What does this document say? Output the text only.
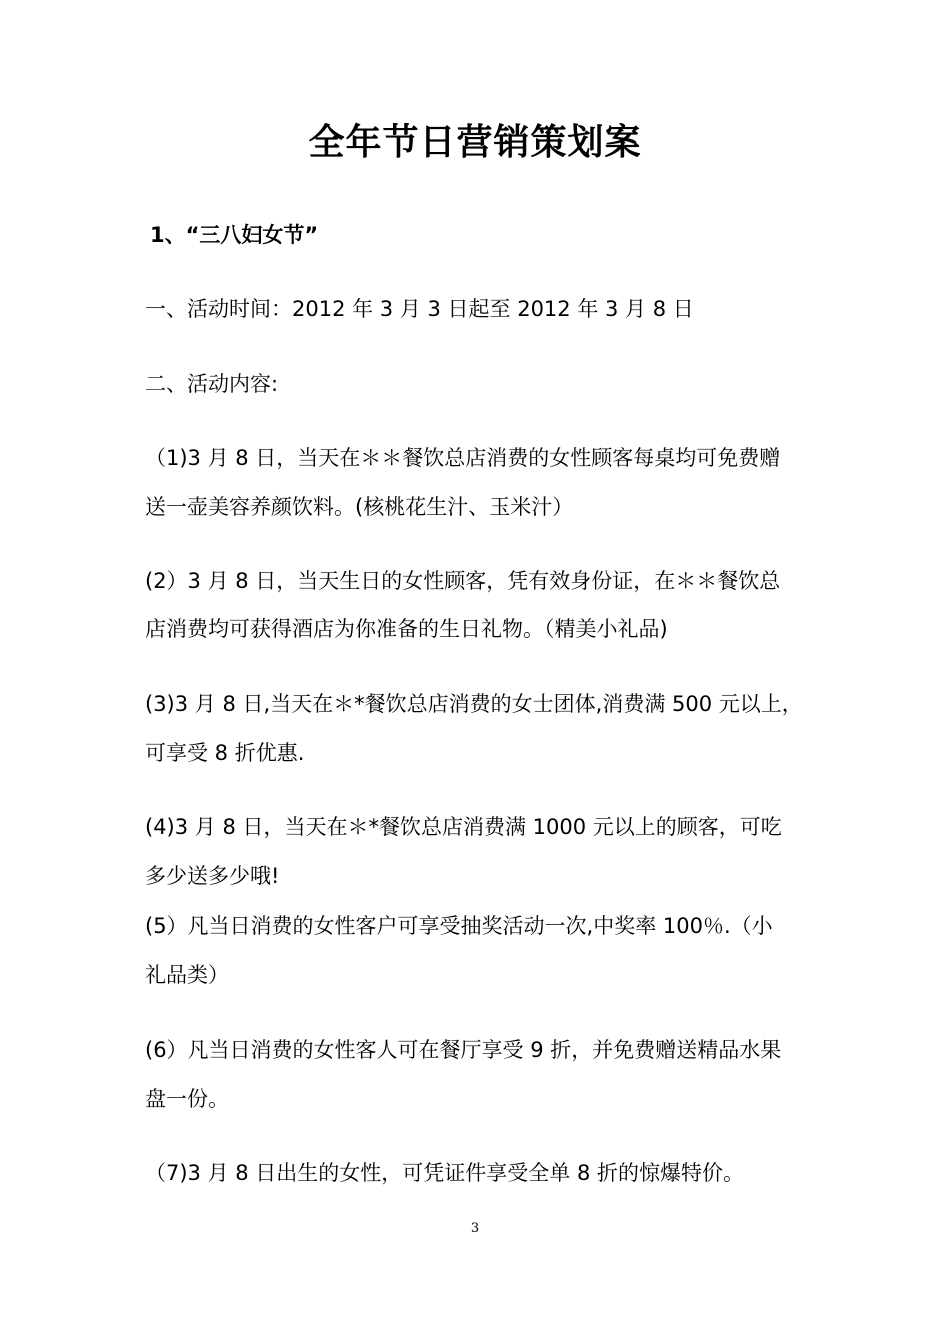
全年节日营销策划案
1、“三八妇女节”
一、活动时间：2012 年 3 月 3 日起至 2012 年 3 月 8 日
二、活动内容:
（1)3 月 8 日，当天在＊＊餐饮总店消费的女性顾客每桌均可免费赠
送一壶美容养颜饮料。(核桃花生汁、玉米汁）
(2）3 月 8 日，当天生日的女性顾客，凭有效身份证，在＊＊餐饮总
店消费均可获得酒店为你准备的生日礼物。（精美小礼品)
(3)3 月 8 日,当天在＊*餐饮总店消费的女士团体,消费满 500 元以上，
可享受 8 折优惠.
(4)3 月 8 日，当天在＊*餐饮总店消费满 1000 元以上的顾客，可吃
多少送多少哦!
(5）凡当日消费的女性客户可享受抽奖活动一次,中奖率 100％.（小
礼品类）
(6）凡当日消费的女性客人可在餐厅享受 9 折，并免费赠送精品水果
盘一份。
（7)3 月 8 日出生的女性，可凭证件享受全单 8 折的惊爆特价。
3
